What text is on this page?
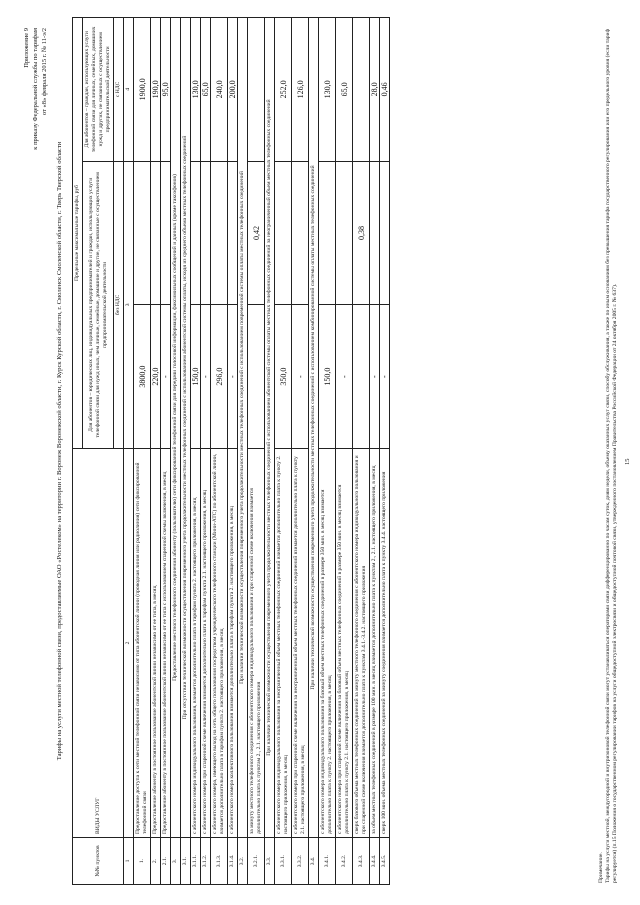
Приложение 9 к приказу Федеральной службы по тарифам от «8» февраля 2015 г. № 11-э/2
Тарифы на услуги местной телефонной связи, предоставляемые ОАО «Ростелеком» на территории г. Воронеж Воронежской области, г. Курск Курской области, г. Смоленск Смоленской области, г. Тверь Тверской области
№№ пунктов	ВИДЫ УСЛУГ	Предельные максимальные тарифы, руб		
		Для абонентов – юридических лиц, индивидуальных предпринимателей и граждан, использующих услуги телефонной связи для нужд иных, чем личные, семейные, домашние и другие, не связанные с осуществлением предпринимательской деятельности		Для абонентов – граждан, использующих услуги телефонной связи для личных, семейных, домашних нужд и других, не связанных с осуществлением предпринимательской деятельности
		без НДС		с НДС
1	2	3		4
1.	Предоставление доступа к сети местной телефонной связи независимо от типа абонентской линии (проводная линия или радиолиния) сети фиксированной телефонной связи	3800,0		1900,0
2.	Предоставление абоненту в постоянное пользование абонентской линии независимо от ее типа, в месяц	220,0		190,0
2.1.	Предоставление абоненту в постоянное пользование абонентской линии независимо от ее типа с использованием спаренной схемы включения, в месяц	-		95,0
3.	Предоставление местного телефонного соединения абоненту (пользователю) сети фиксированной телефонной связи для передачи голосовой информации, факсимильных сообщений и данных (кроме таксофонов)			
3.1.	При отсутствии технической возможности осуществления повременного учета продолжительности местных телефонных соединений с использованием абонентской системы оплаты, исходя из среднего объема местных телефонных соединений			
3.1.1.	с абонентского номера индивидуального пользования, взимается дополнительно плата в тарифам пункта 2. настоящего приложения, в месяц	150,0		130,0
3.1.2.	с абонентского номера при спаренной схеме включения взимается дополнительно плата к тарифам пункта 2.1. настоящего приложения, в месяц	-		65,0
3.1.3.	с абонентского номера, имеющего выход на сеть общего пользования посредством учрежденческого телефонного станции (Мини-АТС) по абонентской линии, взимается дополнительно плата в тарифам пункта 2. настоящего приложения, в месяц	296,0		240,0
3.1.4.	с абонентского номера коллективного пользования взимается дополнительно плата в тарифам пункта 2. настоящего приложения, в месяц	-		200,0
3.2.	При наличии технической возможности осуществления повременного учета продолжительности местных телефонных соединений с использованием повременной системы оплаты местных телефонных соединений			
3.2.1.	за минуту местного телефонного соединения с абонентского номера индивидуального пользования и при спаренной схеме включения взимается дополнительно плата к пунктам 2., 2.1. настоящего приложения		0,42	
3.3.	При наличии технической возможности осуществления повременного учета продолжительности местных телефонных соединений с использованием абонентской системы оплаты местных телефонных соединений за неограниченный объем местных телефонных соединений			
3.3.1.	с абонентского номера индивидуального пользования за неограниченный объем местных телефонных соединений взимается дополнительно плата к пункту 2. настоящего приложения, в месяц	350,0		252,0
3.3.2.	с абонентского номера при спаренной схеме включения за неограниченный объем местных телефонных соединений взимается дополнительно плата к пункту 2.1. настоящего приложения, в месяц	-		126,0
3.4.	При наличии технической возможности осуществления повременного учета продолжительности местных телефонных соединений с использованием комбинированной системы оплаты местных телефонных соединений			
3.4.1.	с абонентского номера индивидуального пользования за базовый объем местных телефонных соединений в размере 350 мин. в месяц взимается дополнительно плата к пункту 2. настоящего приложения, в месяц	150,0		130,0
3.4.2.	с абонентского номера при спаренной схеме включения за базовый объем местных телефонных соединений в размере 350 мин. в месяц взимается дополнительно плата к пункту 2.1. настоящего приложения, в месяц	-		65,0
3.4.3.	сверх базового объема местных телефонных соединений за минуту местного телефонного соединения с абонентского номера индивидуального пользования и при спаренной схеме включения взимается дополнительно плата к пунктам 3.4.1.-3.4.2. настоящего приложения		0,38	
3.4.4.	за объем местных телефонных соединений в размере 100 мин. в месяц взимается дополнительно плата к пунктам 2., 2.1. настоящего приложения, в месяц	-		28,0
3.4.5.	сверх 100 мин. объема местных телефонных соединений за минуту соединения взимается дополнительно плата к пункту 3.4.4. настоящего приложения	-		0,46
Примечание. Тарифы на услуги местной, междугородной и внутризоновой телефонной связи могут устанавливаться операторами связи дифференцированно по часам суток, дням недели, объему оказанных услуг связи, способу обслуживания, а также по иным основаниям без превышения тарифа государственного регулирования или его предельного уровня (если тариф регулируется) (п.15 Положения о государственном регулировании тарифов на услуги общедоступной электросвязи и общедоступной почтовой связи, утвержденного постановлением Правительства Российской Федерации от 24 октября 2005 г. № 637). 15
